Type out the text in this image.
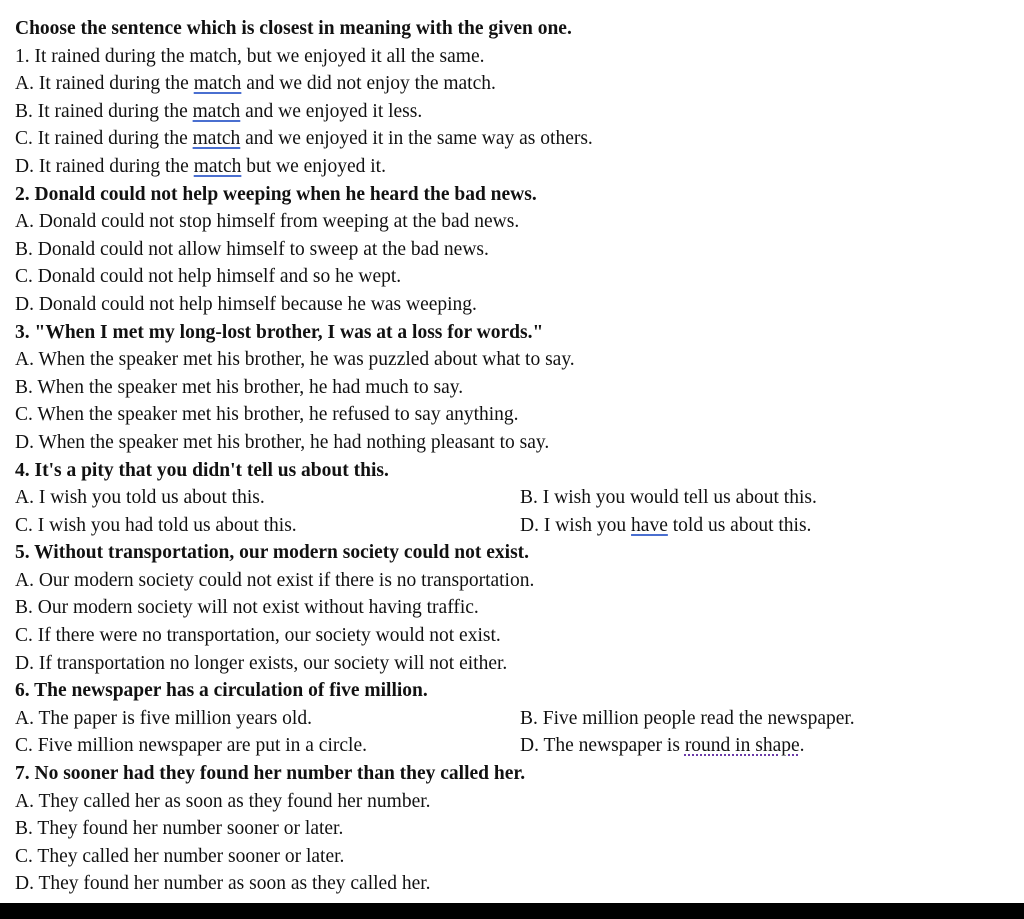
Choose the sentence which is closest in meaning with the given one.
1. It rained during the match, but we enjoyed it all the same.
A. It rained during the match and we did not enjoy the match.
B. It rained during the match and we enjoyed it less.
C. It rained during the match and we enjoyed it in the same way as others.
D. It rained during the match but we enjoyed it.
2. Donald could not help weeping when he heard the bad news.
A. Donald could not stop himself from weeping at the bad news.
B. Donald could not allow himself to sweep at the bad news.
C. Donald could not help himself and so he wept.
D. Donald could not help himself because he was weeping.
3. "When I met my long-lost brother, I was at a loss for words."
A. When the speaker met his brother, he was puzzled about what to say.
B. When the speaker met his brother, he had much to say.
C. When the speaker met his brother, he refused to say anything.
D. When the speaker met his brother, he had nothing pleasant to say.
4. It's a pity that you didn't tell us about this.
A. I wish you told us about this.	B. I wish you would tell us about this.
C. I wish you had told us about this.	D. I wish you have told us about this.
5. Without transportation, our modern society could not exist.
A. Our modern society could not exist if there is no transportation.
B. Our modern society will not exist without having traffic.
C. If there were no transportation, our society would not exist.
D. If transportation no longer exists, our society will not either.
6. The newspaper has a circulation of five million.
A. The paper is five million years old.	B. Five million people read the newspaper.
C. Five million newspaper are put in a circle.	D. The newspaper is round in shape.
7. No sooner had they found her number than they called her.
A. They called her as soon as they found her number.
B. They found her number sooner or later.
C. They called her number sooner or later.
D. They found her number as soon as they called her.
